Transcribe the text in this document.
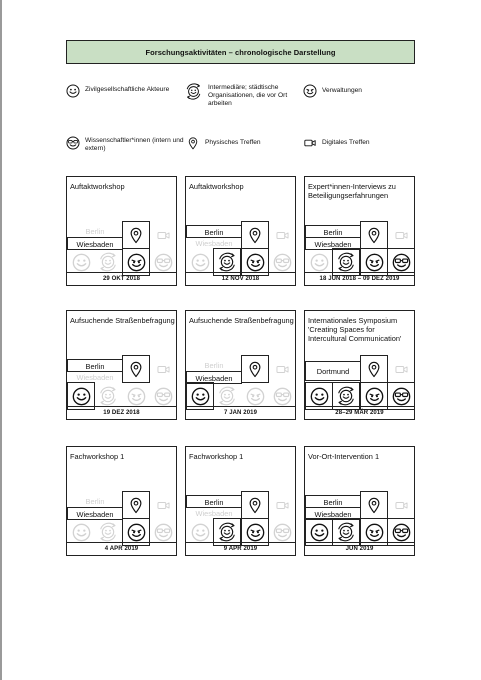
Forschungsaktivitäten – chronologische Darstellung
Zivilgesellschaftliche Akteure	Intermediäre; städtische Organisationen, die vor Ort arbeiten
Verwaltungen
Wissenschaftler*innen (intern und extern)
Physisches Treffen	Digitales Treffen
Auftaktworkshop
Berlin
Wiesbaden
29 OKT 2018
Auftaktworkshop
Berlin
Wiesbaden
12 NOV 2018
Expert*innen-Interviews zu Beteiligungserfahrungen
Berlin
Wiesbaden
18 JUN 2018 – 09 DEZ 2019
Aufsuchende Straßenbefragung
Berlin
Wiesbaden
19 DEZ 2018
Aufsuchende Straßenbefragung
Berlin
Wiesbaden
7 JAN 2019
Internationales Symposium 'Creating Spaces for Intercultural Communication'
Dortmund
28–29 MÄR 2019
Fachworkshop 1
Berlin
Wiesbaden
4 APR 2019
Fachworkshop 1
Berlin
Wiesbaden
9 APR 2019
Vor-Ort-Intervention 1
Berlin
Wiesbaden
JUN 2019
